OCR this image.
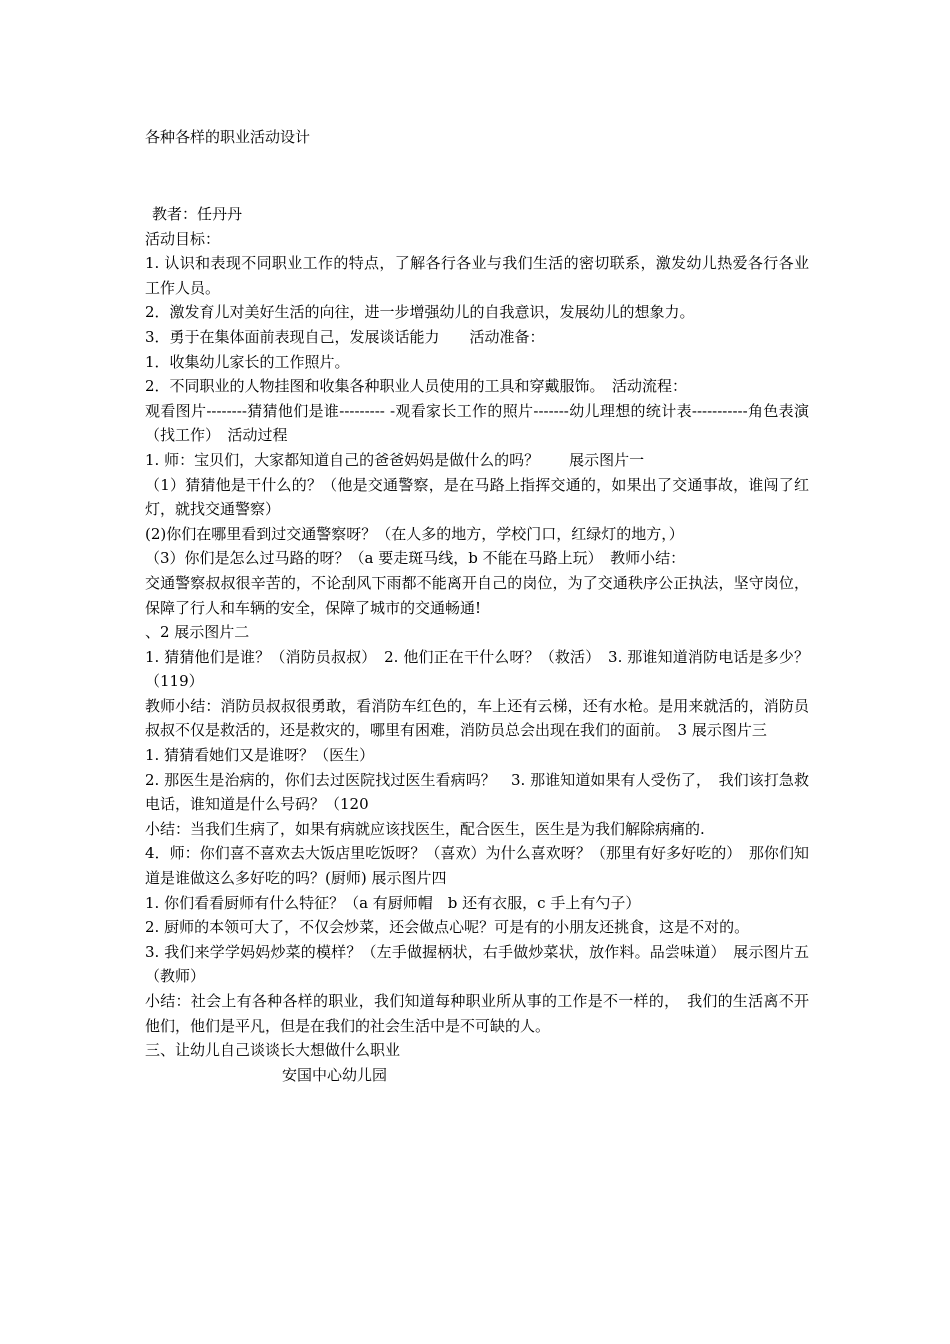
各种各样的职业活动设计

教者：任丹丹

活动目标：

1. 认识和表现不同职业工作的特点，了解各行各业与我们生活的密切联系，激发幼儿热爱各行各业工作人员。

2．激发育儿对美好生活的向往，进一步增强幼儿的自我意识，发展幼儿的想象力。

3．勇于在集体面前表现自己，发展谈话能力　　活动准备：

1．收集幼儿家长的工作照片。

2．不同职业的人物挂图和收集各种职业人员使用的工具和穿戴服饰。　活动流程：

观看图片--------猜猜他们是谁--------- -观看家长工作的照片-------幼儿理想的统计表-----------角色表演（找工作）　活动过程

1. 师：宝贝们，大家都知道自己的爸爸妈妈是做什么的吗？　　展示图片一

（1）猜猜他是干什么的？（他是交通警察，是在马路上指挥交通的，如果出了交通事故，谁闯了红灯，就找交通警察）

(2)你们在哪里看到过交通警察呀？（在人多的地方，学校门口，红绿灯的地方，）

（3）你们是怎么过马路的呀？（a 要走斑马线，b 不能在马路上玩）　教师小结：

交通警察叔叔很辛苦的，不论刮风下雨都不能离开自己的岗位，为了交通秩序公正执法，坚守岗位，保障了行人和车辆的安全，保障了城市的交通畅通!

、2 展示图片二

1. 猜猜他们是谁？（消防员叔叔）　2. 他们正在干什么呀？（救活）　3. 那谁知道消防电话是多少？（119）

教师小结：消防员叔叔很勇敢，看消防车红色的，车上还有云梯，还有水枪。是用来就活的，消防员叔叔不仅是救活的，还是救灾的，哪里有困难，消防员总会出现在我们的面前。　3 展示图片三

1. 猜猜看她们又是谁呀？（医生）

2. 那医生是治病的，你们去过医院找过医生看病吗？　3. 那谁知道如果有人受伤了，　我们该打急救电话，谁知道是什么号码？（120

小结：当我们生病了，如果有病就应该找医生，配合医生，医生是为我们解除病痛的.

4．师：你们喜不喜欢去大饭店里吃饭呀？（喜欢）为什么喜欢呀？（那里有好多好吃的）　那你们知道是谁做这么多好吃的吗？(厨师) 展示图片四

1. 你们看看厨师有什么特征？（a 有厨师帽　b 还有衣服，c 手上有勺子）

2. 厨师的本领可大了，不仅会炒菜，还会做点心呢？可是有的小朋友还挑食，这是不对的。

3. 我们来学学妈妈炒菜的模样？（左手做握柄状，右手做炒菜状，放作料。品尝味道）　展示图片五（教师）

小结：社会上有各种各样的职业，我们知道每种职业所从事的工作是不一样的，　我们的生活离不开他们，他们是平凡，但是在我们的社会生活中是不可缺的人。

三、让幼儿自己谈谈长大想做什么职业

安国中心幼儿园
